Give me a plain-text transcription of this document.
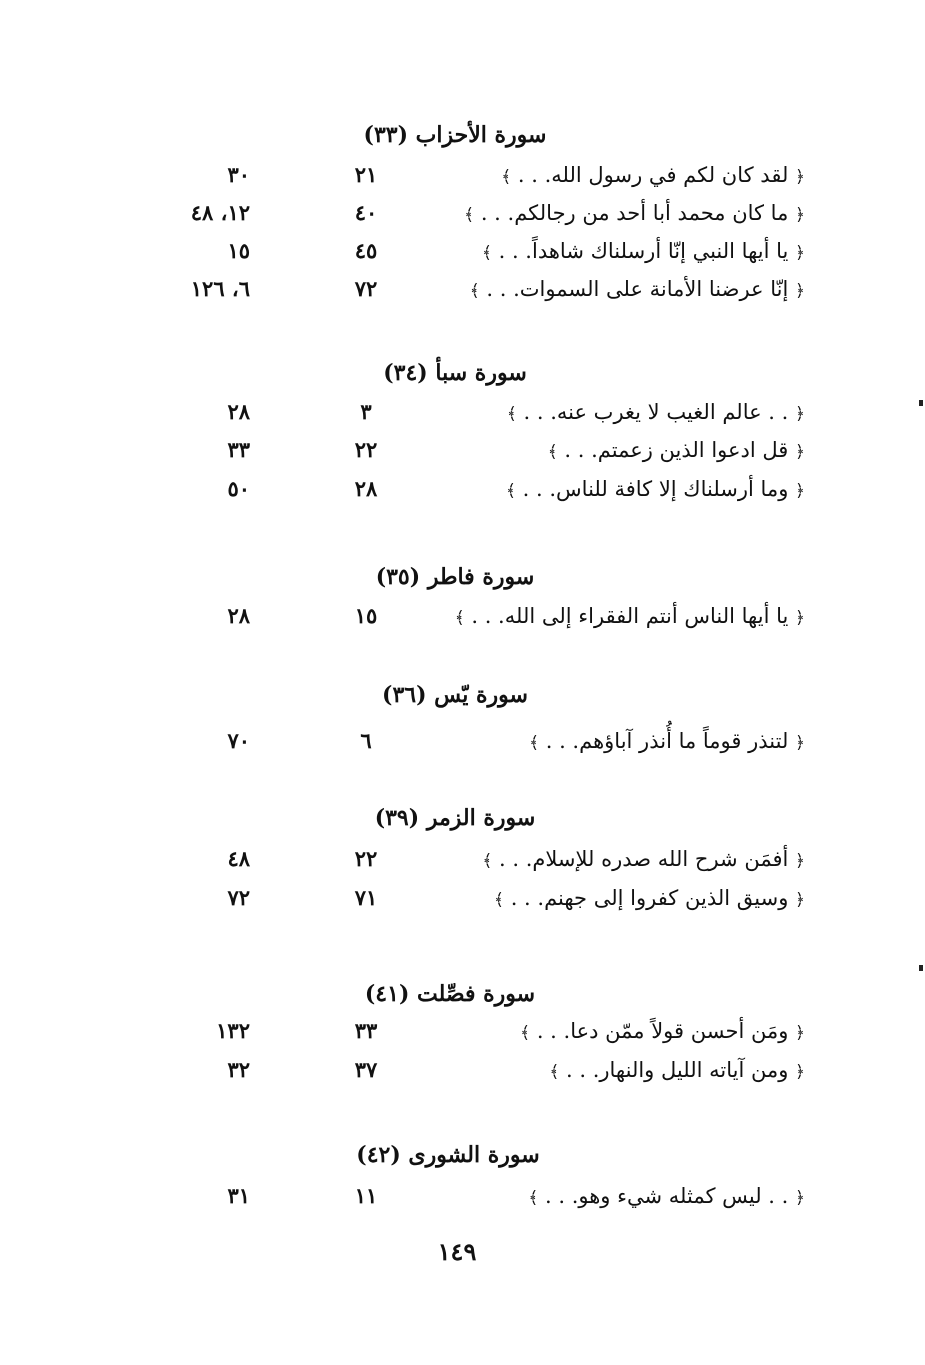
سورة الأحزاب (٣٣)
﴿ لقد كان لكم في رسول الله. . . ﴾
٢١
٣٠
﴿ ما كان محمد أبا أحد من رجالكم. . . ﴾
٤٠
١٢، ٤٨
﴿ يا أيها النبي إنّا أرسلناك شاهداً. . . ﴾
٤٥
١٥
﴿ إنّا عرضنا الأمانة على السموات. . . ﴾
٧٢
٦، ١٢٦
سورة سبأ (٣٤)
﴿ . . عالم الغيب لا يغرب عنه. . . ﴾
٣
٢٨
﴿ قل ادعوا الذين زعمتم. . . ﴾
٢٢
٣٣
﴿ وما أرسلناك إلا كافة للناس. . . ﴾
٢٨
٥٠
سورة فاطر (٣٥)
﴿ يا أيها الناس أنتم الفقراء إلى الله. . . ﴾
١٥
٢٨
سورة يّس (٣٦)
﴿ لتنذر قوماً ما أُنذر آباؤهم. . . ﴾
٦
٧٠
سورة الزمر (٣٩)
﴿ أفمَن شرح الله صدره للإسلام. . . ﴾
٢٢
٤٨
﴿ وسيق الذين كفروا إلى جهنم. . . ﴾
٧١
٧٢
سورة فصِّلت (٤١)
﴿ ومَن أحسن قولاً ممّن دعا. . . ﴾
٣٣
١٣٢
﴿ ومن آياته الليل والنهار. . . ﴾
٣٧
٣٢
سورة الشورى (٤٢)
﴿ . . ليس كمثله شيء وهو. . . ﴾
١١
٣١
١٤٩
